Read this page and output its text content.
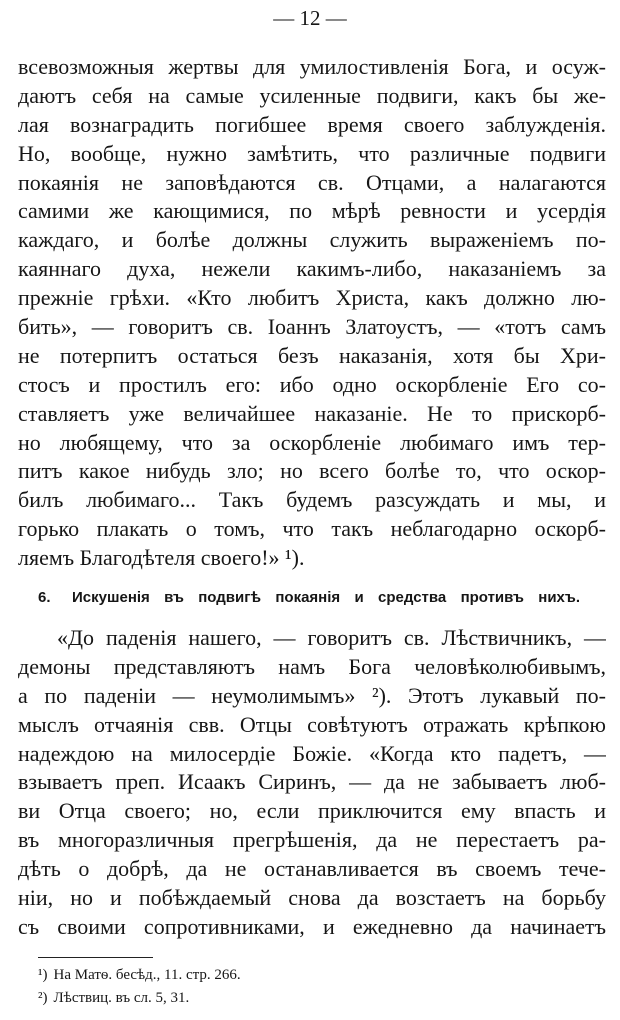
— 12 —
всевозможныя жертвы для умилостивленія Бога, и осуж-
даютъ себя на самые усиленные подвиги, какъ бы же-
лая вознаградить погибшее время своего заблужденія.
Но, вообще, нужно замѣтить, что различные подвиги
покаянія не заповѣдаются св. Отцами, а налагаются
самими же кающимися, по мѣрѣ ревности и усердія
каждаго, и болѣе должны служить выраженіемъ по-
каяннаго духа, нежели какимъ-либо, наказаніемъ за
прежніе грѣхи. «Кто любитъ Христа, какъ должно лю-
бить», — говоритъ св. Іоаннъ Златоустъ, — «тотъ самъ
не потерпитъ остаться безъ наказанія, хотя бы Хри-
стосъ и простилъ его: ибо одно оскорбленіе Его со-
ставляетъ уже величайшее наказаніе. Не то прискорб-
но любящему, что за оскорбленіе любимаго имъ тер-
питъ какое нибудь зло; но всего болѣе то, что оскор-
билъ любимаго... Такъ будемъ разсуждать и мы, и
горько плакать о томъ, что такъ неблагодарно оскорб-
ляемъ Благодѣтеля своего!» ¹).
6.	Искушенія въ подвигѣ покаянія и средства противъ нихъ.
«До паденія нашего, — говоритъ св. Лѣствичникъ, —
демоны представляютъ намъ Бога человѣколюбивымъ,
а по паденіи — неумолимымъ» ²). Этотъ лукавый по-
мыслъ отчаянія свв. Отцы совѣтуютъ отражать крѣпкою
надеждою на милосердіе Божіе. «Когда кто падетъ, —
взываетъ преп. Исаакъ Сиринъ, — да не забываетъ люб-
ви Отца своего; но, если приключится ему впасть и
въ многоразличныя прегрѣшенія, да не перестаетъ ра-
дѣть о добрѣ, да не останавливается въ своемъ тече-
ніи, но и побѣждаемый снова да возстаетъ на борьбу
съ своими сопротивниками, и ежедневно да начинаетъ
¹) На Матѳ. бесѣд., 11. стр. 266.
²) Лѣствиц. въ сл. 5, 31.
